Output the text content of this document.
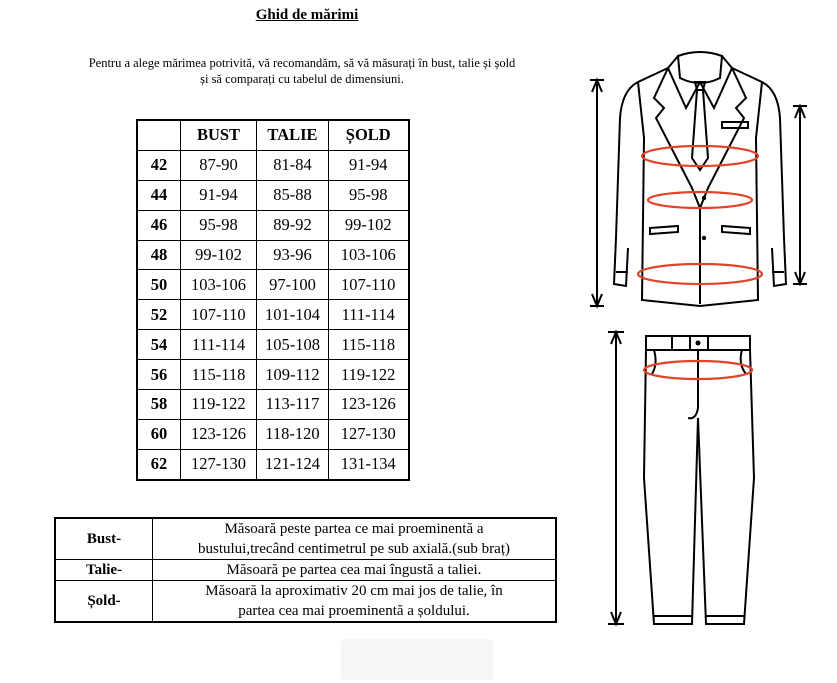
Ghid de mărimi
Pentru a alege mărimea potrivită, vă recomandăm, să vă măsurați în bust, talie și șold
și să comparați cu tabelul de dimensiuni.
	BUST	TALIE	ȘOLD
42	87-90	81-84	91-94
44	91-94	85-88	95-98
46	95-98	89-92	99-102
48	99-102	93-96	103-106
50	103-106	97-100	107-110
52	107-110	101-104	111-114
54	111-114	105-108	115-118
56	115-118	109-112	119-122
58	119-122	113-117	123-126
60	123-126	118-120	127-130
62	127-130	121-124	131-134
Bust-	Măsoară peste partea ce mai proeminentă a
bustului,trecând centimetrul pe sub axială.(sub braț)

Talie-	Măsoară pe partea cea mai îngustă a taliei.

Șold-	Măsoară la aproximativ 20 cm mai jos de talie, în
partea cea mai proeminentă a șoldului.
